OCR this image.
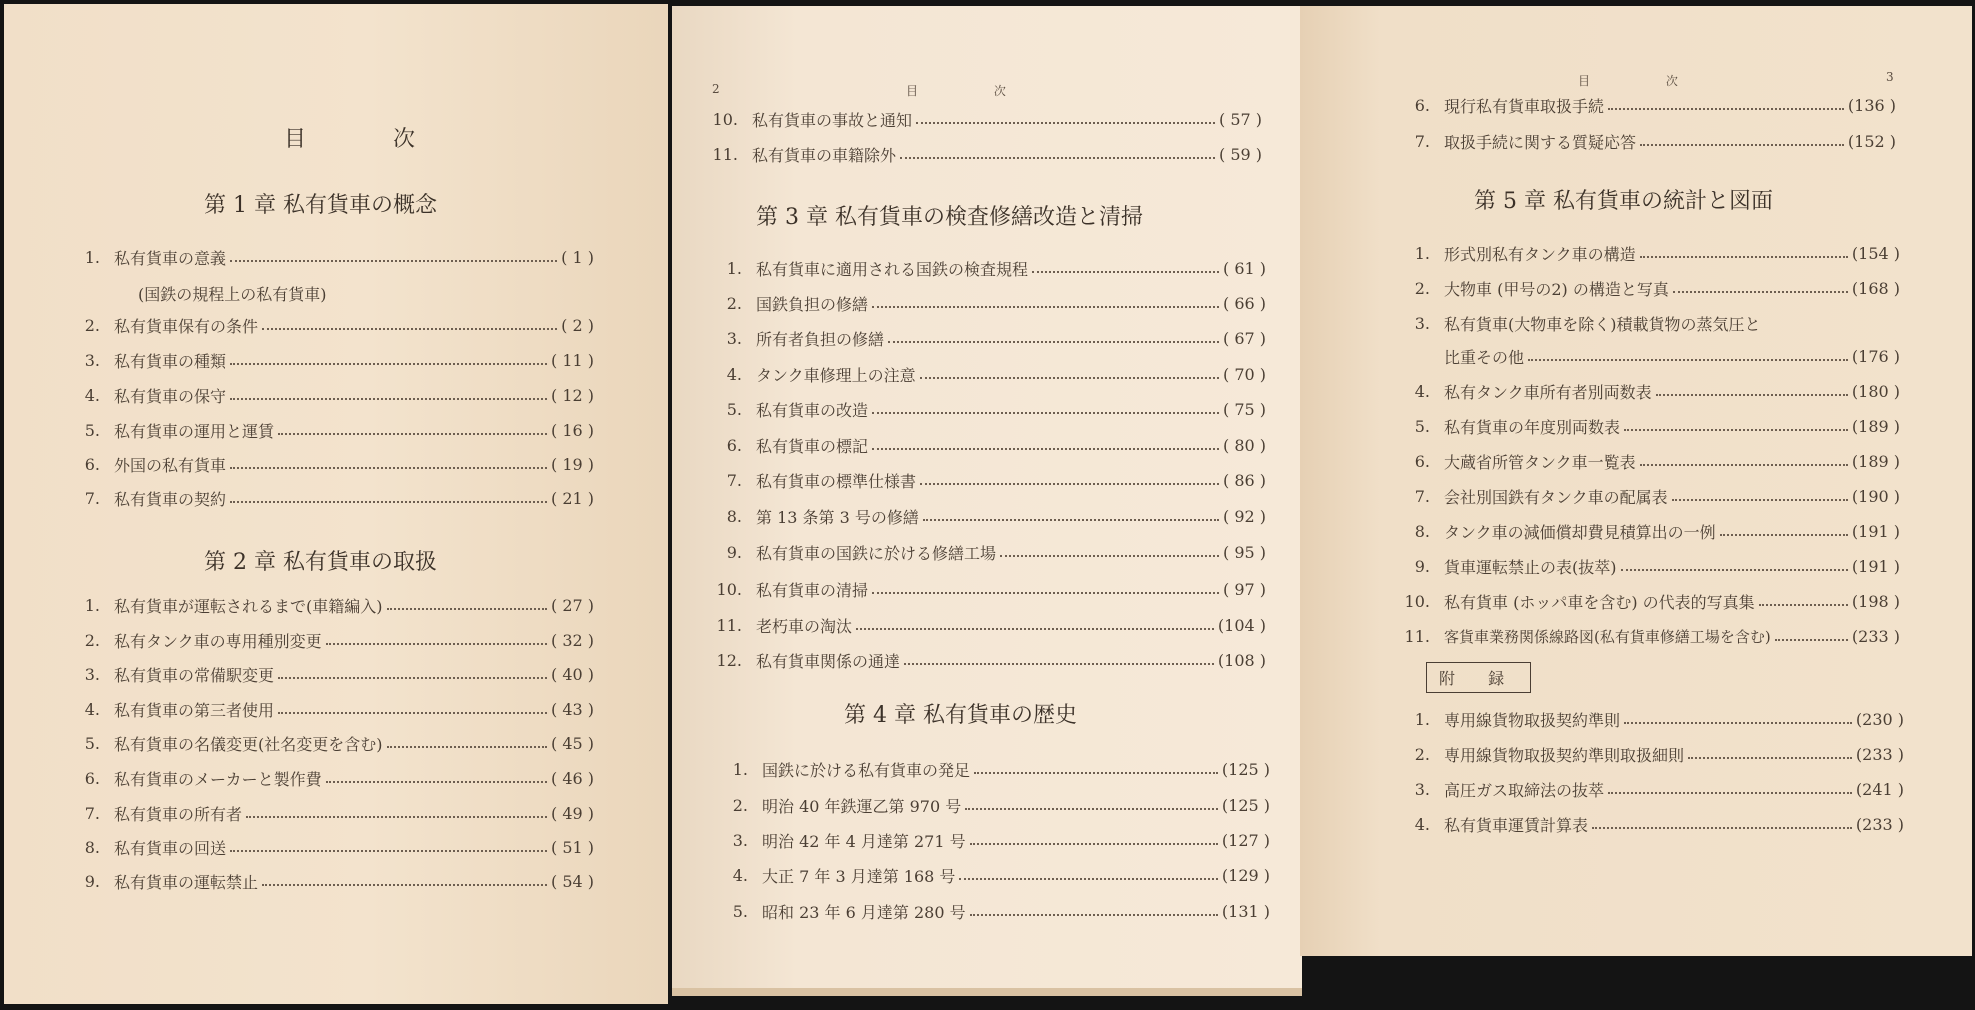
目 次
第 1 章 私有貨車の概念
1. 私有貨車の意義	( 1 )
(国鉄の規程上の私有貨車)
2. 私有貨車保有の条件	( 2 )
3. 私有貨車の種類	( 11 )
4. 私有貨車の保守	( 12 )
5. 私有貨車の運用と運賃	( 16 )
6. 外国の私有貨車	( 19 )
7. 私有貨車の契約	( 21 )
第 2 章 私有貨車の取扱
1. 私有貨車が運転されるまで(車籍編入)	( 27 )
2. 私有タンク車の専用種別変更	( 32 )
3. 私有貨車の常備駅変更	( 40 )
4. 私有貨車の第三者使用	( 43 )
5. 私有貨車の名儀変更(社名変更を含む)	( 45 )
6. 私有貨車のメーカーと製作費	( 46 )
7. 私有貨車の所有者	( 49 )
8. 私有貨車の回送	( 51 )
9. 私有貨車の運転禁止	( 54 )
2	目 次
10. 私有貨車の事故と通知	( 57 )
11. 私有貨車の車籍除外	( 59 )
第 3 章 私有貨車の検査修繕改造と清掃
1. 私有貨車に適用される国鉄の検査規程	( 61 )
2. 国鉄負担の修繕	( 66 )
3. 所有者負担の修繕	( 67 )
4. タンク車修理上の注意	( 70 )
5. 私有貨車の改造	( 75 )
6. 私有貨車の標記	( 80 )
7. 私有貨車の標準仕様書	( 86 )
8. 第 13 条第 3 号の修繕	( 92 )
9. 私有貨車の国鉄に於ける修繕工場	( 95 )
10. 私有貨車の清掃	( 97 )
11. 老朽車の淘汰	(104 )
12. 私有貨車関係の通達	(108 )
第 4 章 私有貨車の歴史
1. 国鉄に於ける私有貨車の発足	(125 )
2. 明治 40 年鉄運乙第 970 号	(125 )
3. 明治 42 年 4 月達第 271 号	(127 )
4. 大正 7 年 3 月達第 168 号	(129 )
5. 昭和 23 年 6 月達第 280 号	(131 )
目 次	3
6. 現行私有貨車取扱手続	(136 )
7. 取扱手続に関する質疑応答	(152 )
第 5 章 私有貨車の統計と図面
1. 形式別私有タンク車の構造	(154 )
2. 大物車 (甲号の2) の構造と写真	(168 )
3. 私有貨車(大物車を除く)積載貨物の蒸気圧と
比重その他	(176 )
4. 私有タンク車所有者別両数表	(180 )
5. 私有貨車の年度別両数表	(189 )
6. 大蔵省所管タンク車一覧表	(189 )
7. 会社別国鉄有タンク車の配属表	(190 )
8. タンク車の減価償却費見積算出の一例	(191 )
9. 貨車運転禁止の表(抜萃)	(191 )
10. 私有貨車 (ホッパ車を含む) の代表的写真集	(198 )
11. 客貨車業務関係線路図(私有貨車修繕工場を含む)	(233 )
附 録
1. 専用線貨物取扱契約準則	(230 )
2. 専用線貨物取扱契約準則取扱細則	(233 )
3. 高圧ガス取締法の抜萃	(241 )
4. 私有貨車運賃計算表	(233 )
